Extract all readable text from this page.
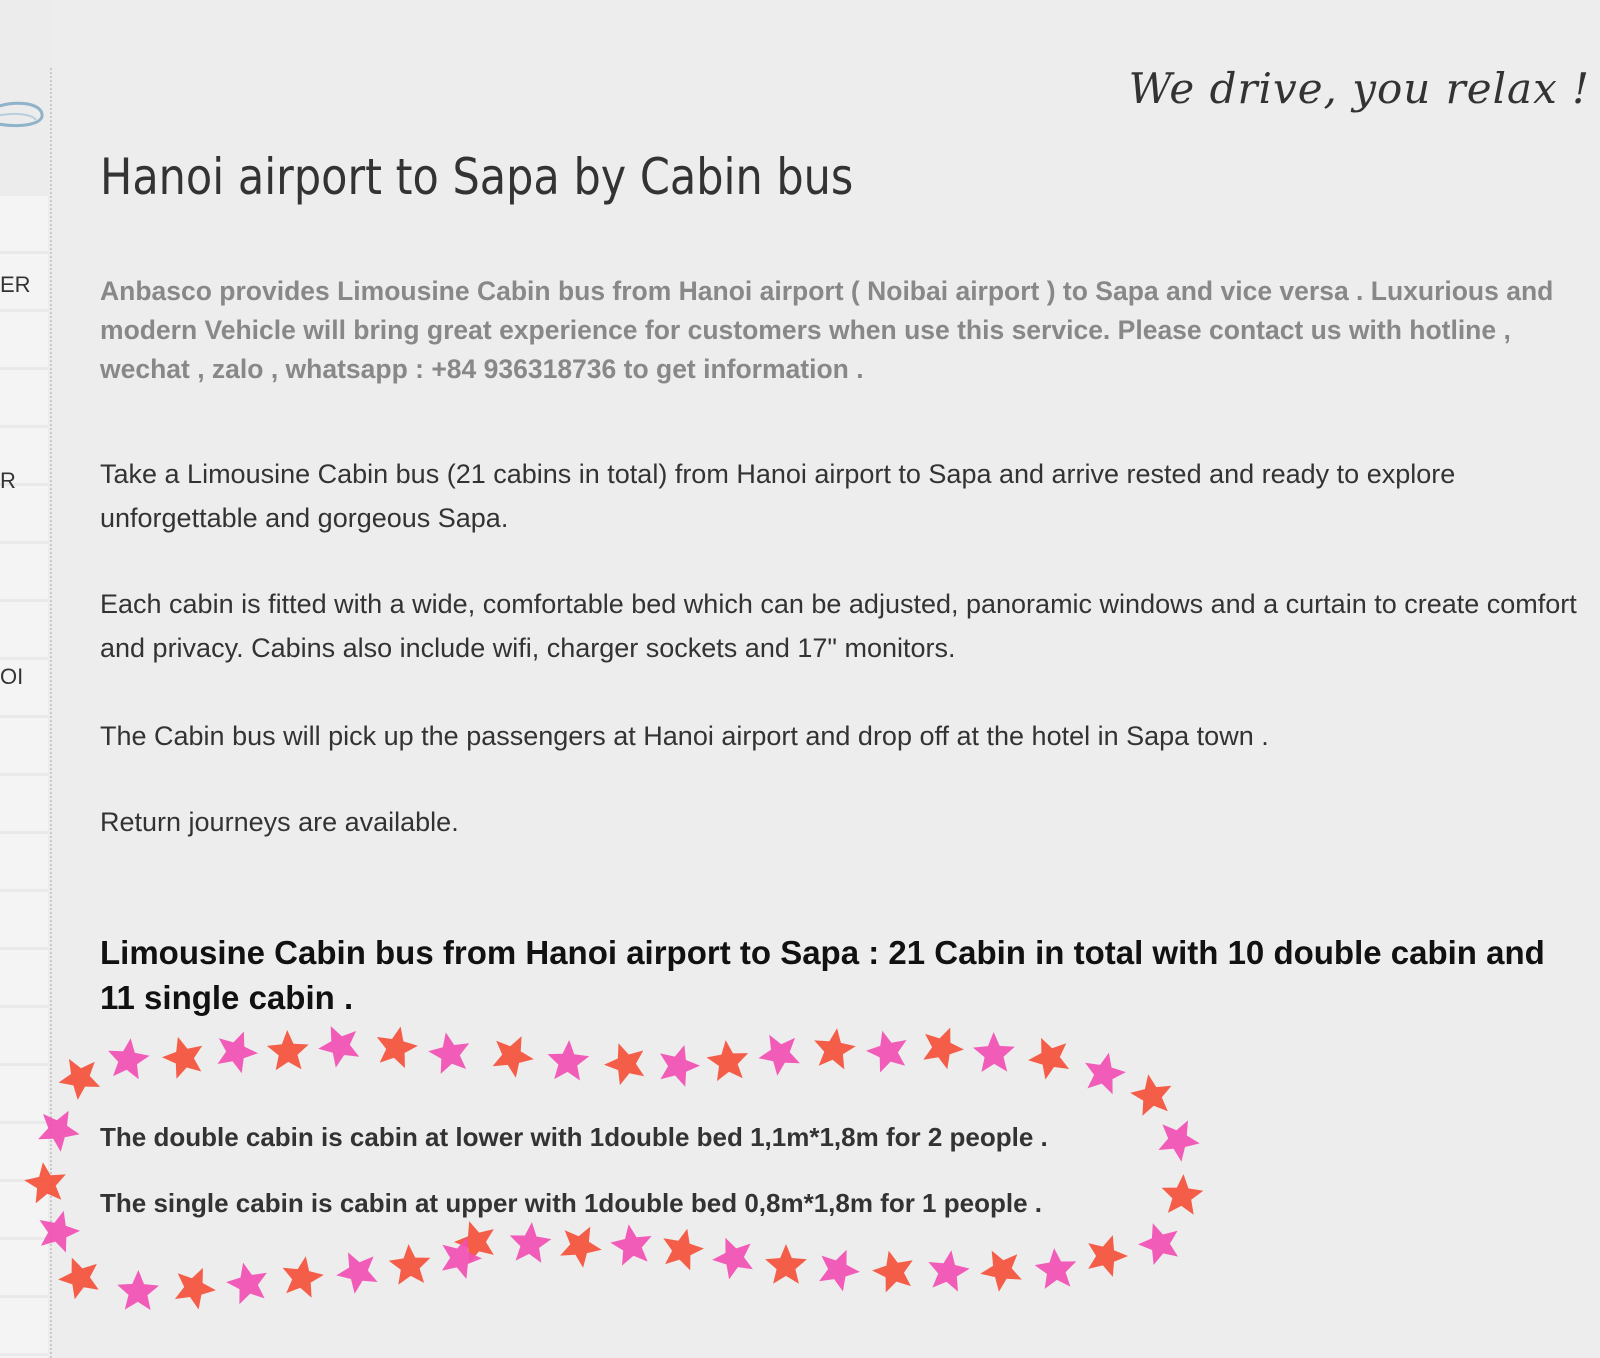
ER
R
OI
We drive, you relax !
Hanoi airport to Sapa by Cabin bus

Anbasco provides Limousine Cabin bus from Hanoi airport ( Noibai airport ) to Sapa and vice versa . Luxurious and modern Vehicle will bring great experience for customers when use this service. Please contact us with hotline , wechat , zalo , whatsapp : +84 936318736 to get information .

Take a Limousine Cabin bus (21 cabins in total) from Hanoi airport to Sapa and arrive rested and ready to explore unforgettable and gorgeous Sapa.

Each cabin is fitted with a wide, comfortable bed which can be adjusted, panoramic windows and a curtain to create comfort and privacy. Cabins also include wifi, charger sockets and 17" monitors.

The Cabin bus will pick up the passengers at Hanoi airport and drop off at the hotel in Sapa town .

Return journeys are available.

Limousine Cabin bus from Hanoi airport to Sapa : 21 Cabin in total with 10 double cabin and 11 single cabin .

The double cabin is cabin at lower with 1double bed 1,1m*1,8m for 2 people .

The single cabin is cabin at upper with 1double bed 0,8m*1,8m for 1 people .
